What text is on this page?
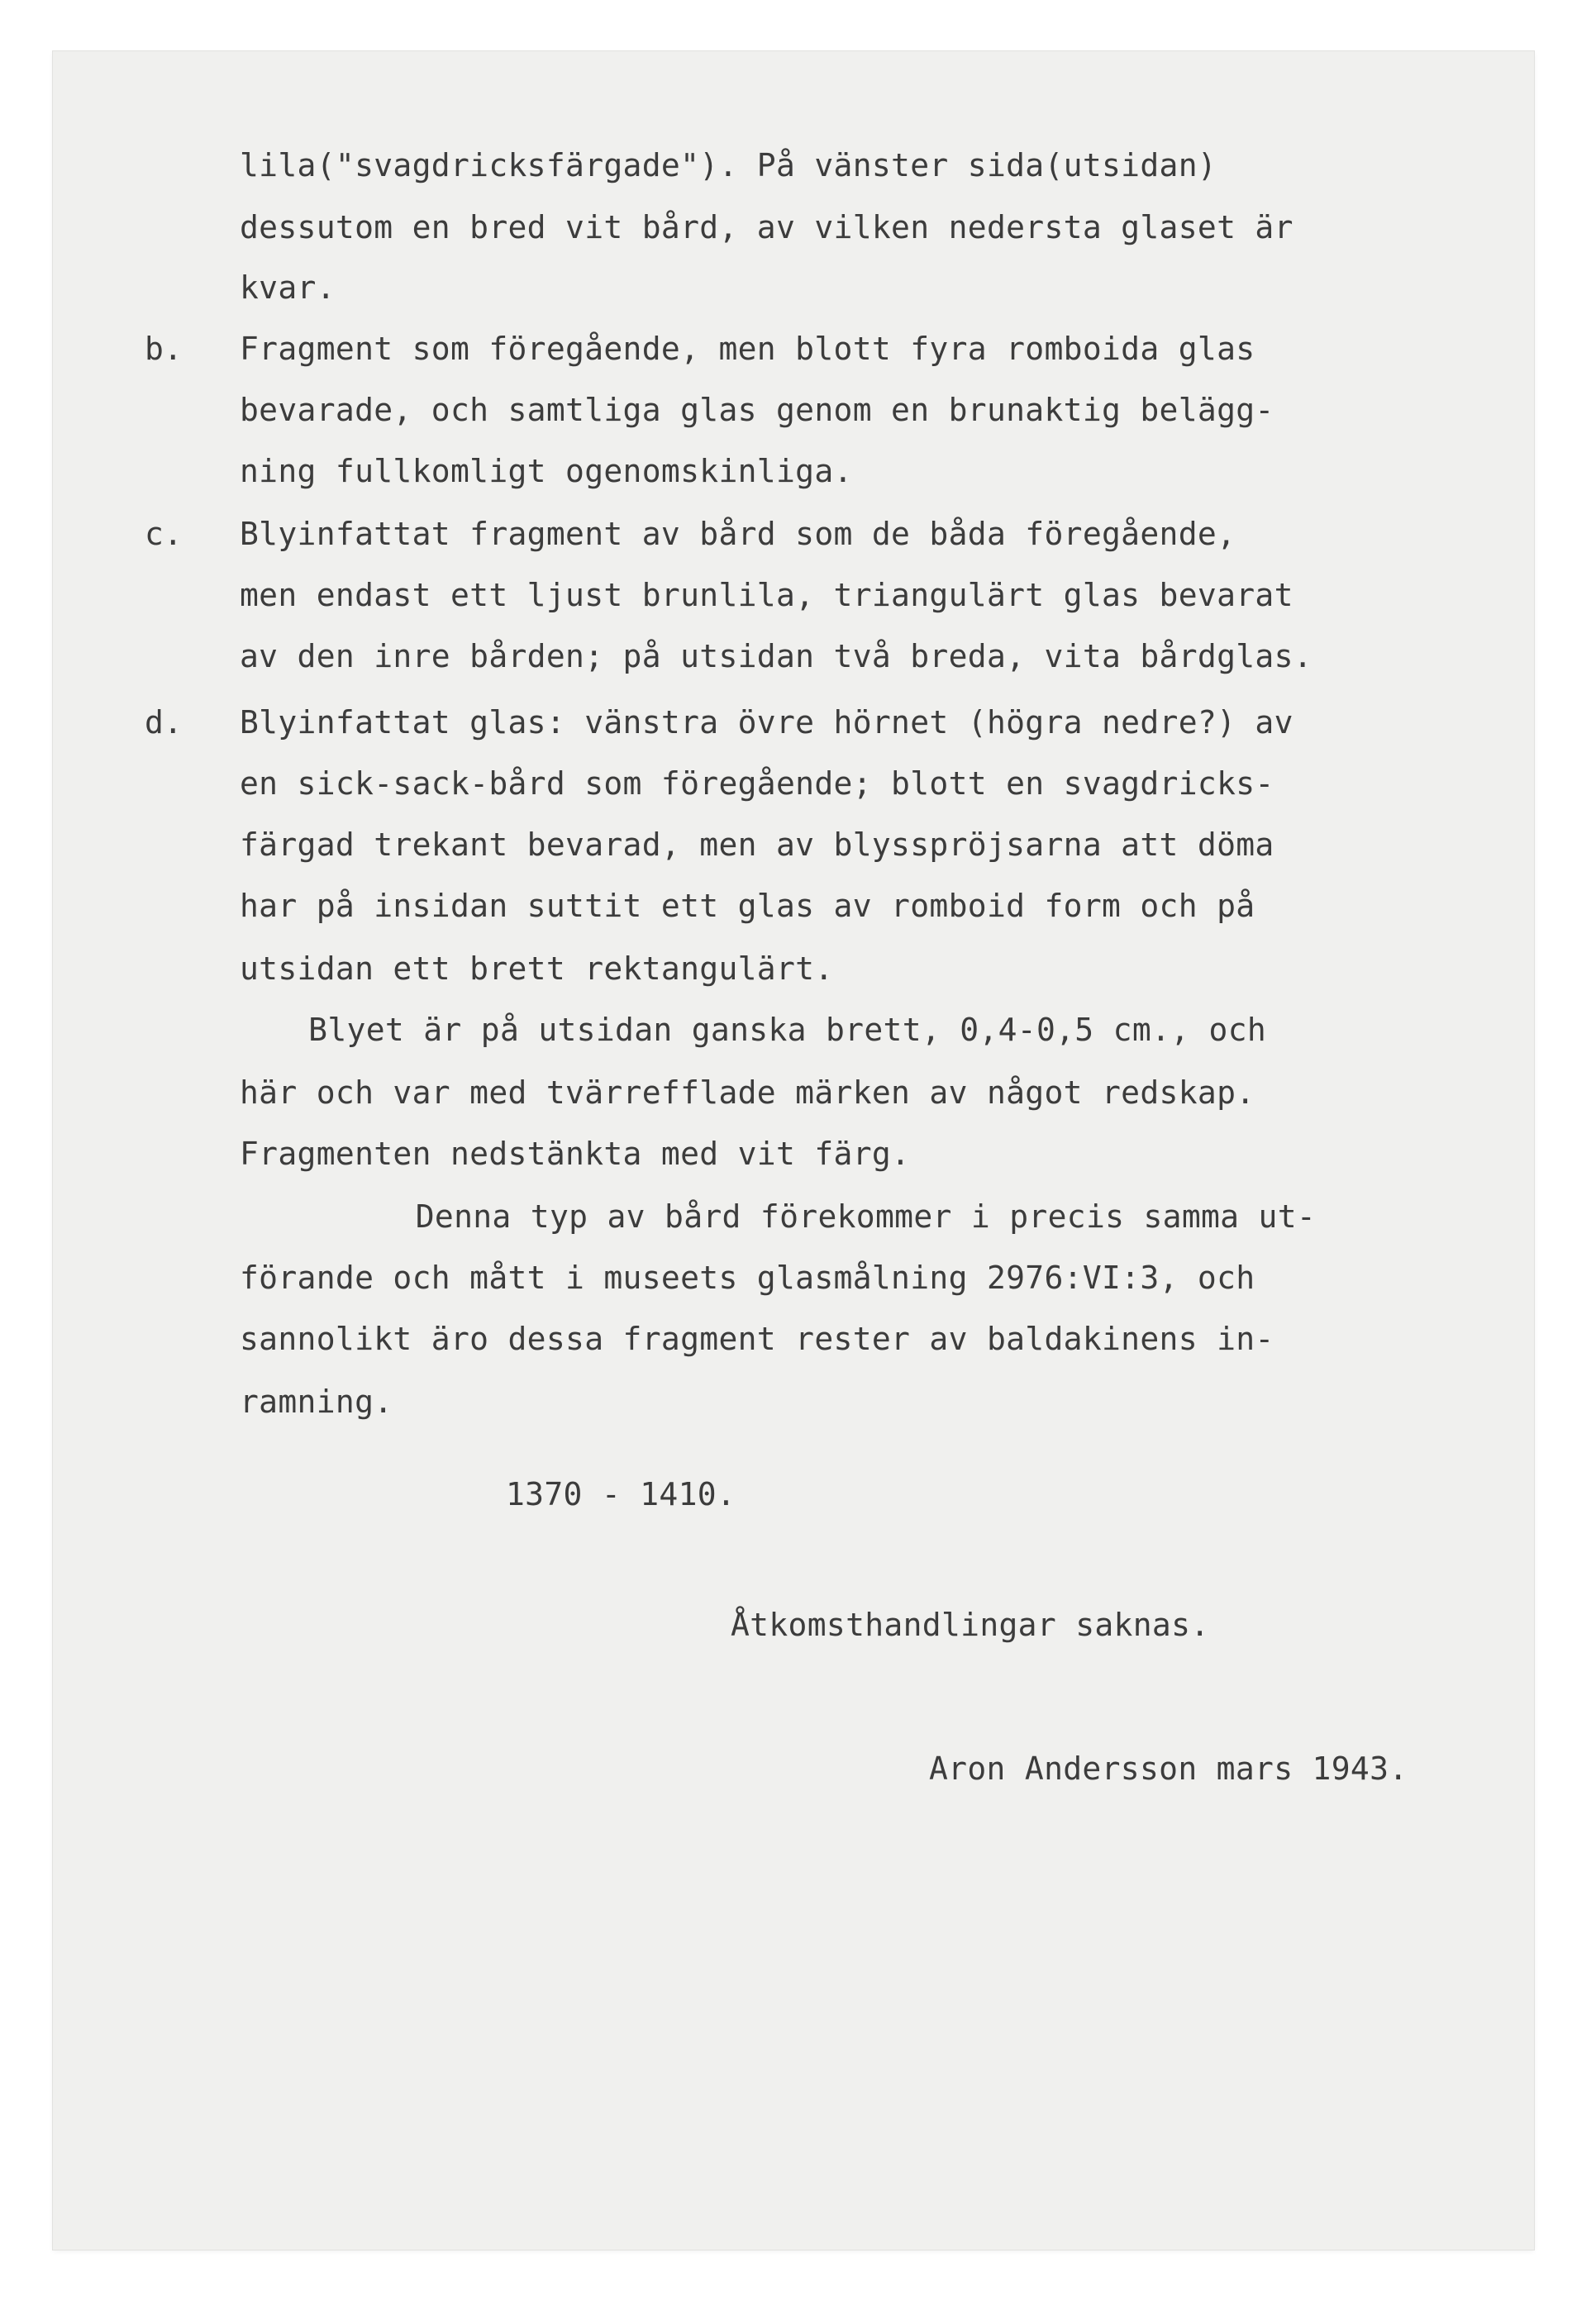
lila("svagdricksfärgade"). På vänster sida(utsidan)
dessutom en bred vit bård, av vilken nedersta glaset är
kvar.
b. Fragment som föregående, men blott fyra romboida glas
bevarade, och samtliga glas genom en brunaktig belägg-
ning fullkomligt ogenomskinliga.
c. Blyinfattat fragment av bård som de båda föregående,
men endast ett ljust brunlila, triangulärt glas bevarat
av den inre bården; på utsidan två breda, vita bårdglas.
d. Blyinfattat glas: vänstra övre hörnet (högra nedre?) av
en sick-sack-bård som föregående; blott en svagdricks-
färgad trekant bevarad, men av blysspröjsarna att döma
har på insidan suttit ett glas av romboid form och på
utsidan ett brett rektangulärt.
Blyet är på utsidan ganska brett, 0,4-0,5 cm., och
här och var med tvärrefflade märken av något redskap.
Fragmenten nedstänkta med vit färg.
Denna typ av bård förekommer i precis samma ut-
förande och mått i museets glasmålning 2976:VI:3, och
sannolikt äro dessa fragment rester av baldakinens in-
ramning.
1370 - 1410.
Åtkomsthandlingar saknas.
Aron Andersson mars 1943.
